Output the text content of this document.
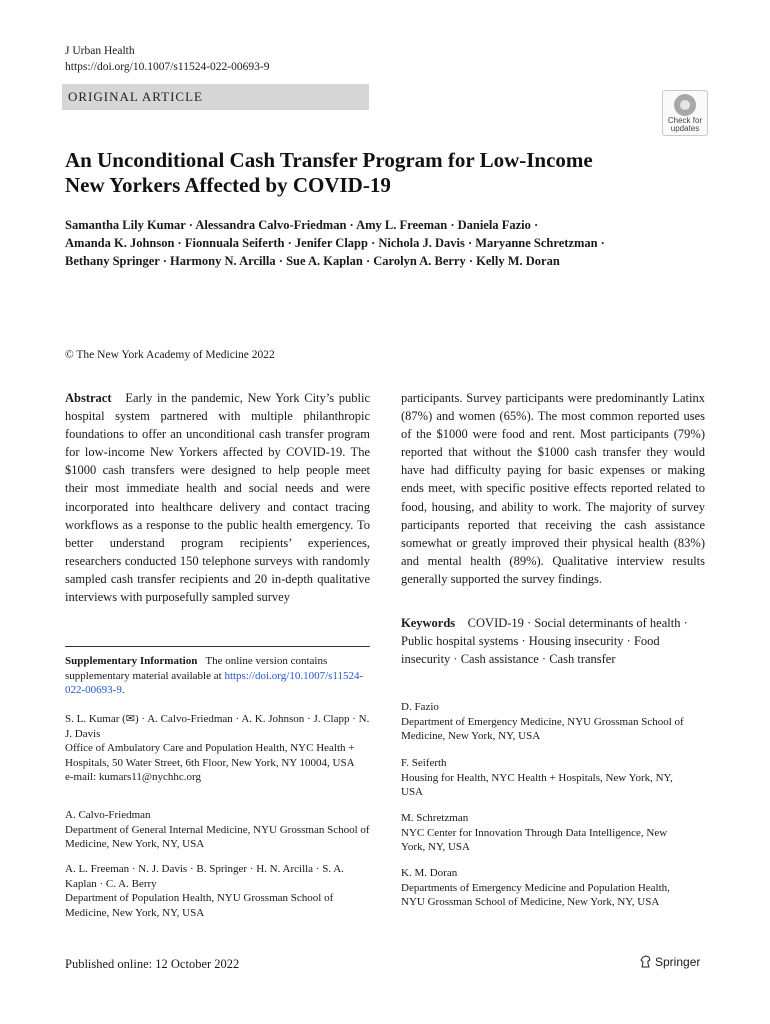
J Urban Health
https://doi.org/10.1007/s11524-022-00693-9
ORIGINAL ARTICLE
Check for
updates
An Unconditional Cash Transfer Program for Low-Income
New Yorkers Affected by COVID-19
Samantha Lily Kumar · Alessandra Calvo-Friedman · Amy L. Freeman · Daniela Fazio ·
Amanda K. Johnson · Fionnuala Seiferth · Jenifer Clapp · Nichola J. Davis · Maryanne Schretzman ·
Bethany Springer · Harmony N. Arcilla · Sue A. Kaplan · Carolyn A. Berry · Kelly M. Doran
© The New York Academy of Medicine 2022
Abstract Early in the pandemic, New York City’s public hospital system partnered with multiple philanthropic foundations to offer an unconditional cash transfer program for low-income New Yorkers affected by COVID-19. The $1000 cash transfers were designed to help people meet their most immediate health and social needs and were incorporated into healthcare delivery and contact tracing workflows as a response to the public health emergency. To better understand program recipients’ experiences, researchers conducted 150 telephone surveys with randomly sampled cash transfer recipients and 20 in-depth qualitative interviews with purposefully sampled survey
participants. Survey participants were predominantly Latinx (87%) and women (65%). The most common reported uses of the $1000 were food and rent. Most participants (79%) reported that without the $1000 cash transfer they would have had difficulty paying for basic expenses or making ends meet, with specific positive effects reported related to food, housing, and ability to work. The majority of survey participants reported that receiving the cash assistance somewhat or greatly improved their physical health (83%) and mental health (89%). Qualitative interview results generally supported the survey findings.
Keywords COVID-19 · Social determinants of health · Public hospital systems · Housing insecurity · Food insecurity · Cash assistance · Cash transfer
Supplementary Information The online version contains supplementary material available at https://doi.org/10.1007/s11524-022-00693-9.
S. L. Kumar (✉) · A. Calvo-Friedman · A. K. Johnson · J. Clapp · N. J. Davis
Office of Ambulatory Care and Population Health, NYC Health + Hospitals, 50 Water Street, 6th Floor, New York, NY 10004, USA
e-mail: kumars11@nychhc.org
A. Calvo-Friedman
Department of General Internal Medicine, NYU Grossman School of Medicine, New York, NY, USA
A. L. Freeman · N. J. Davis · B. Springer · H. N. Arcilla · S. A. Kaplan · C. A. Berry
Department of Population Health, NYU Grossman School of Medicine, New York, NY, USA
D. Fazio
Department of Emergency Medicine, NYU Grossman School of Medicine, New York, NY, USA
F. Seiferth
Housing for Health, NYC Health + Hospitals, New York, NY, USA
M. Schretzman
NYC Center for Innovation Through Data Intelligence, New York, NY, USA
K. M. Doran
Departments of Emergency Medicine and Population Health, NYU Grossman School of Medicine, New York, NY, USA
Published online: 12 October 2022	Springer
